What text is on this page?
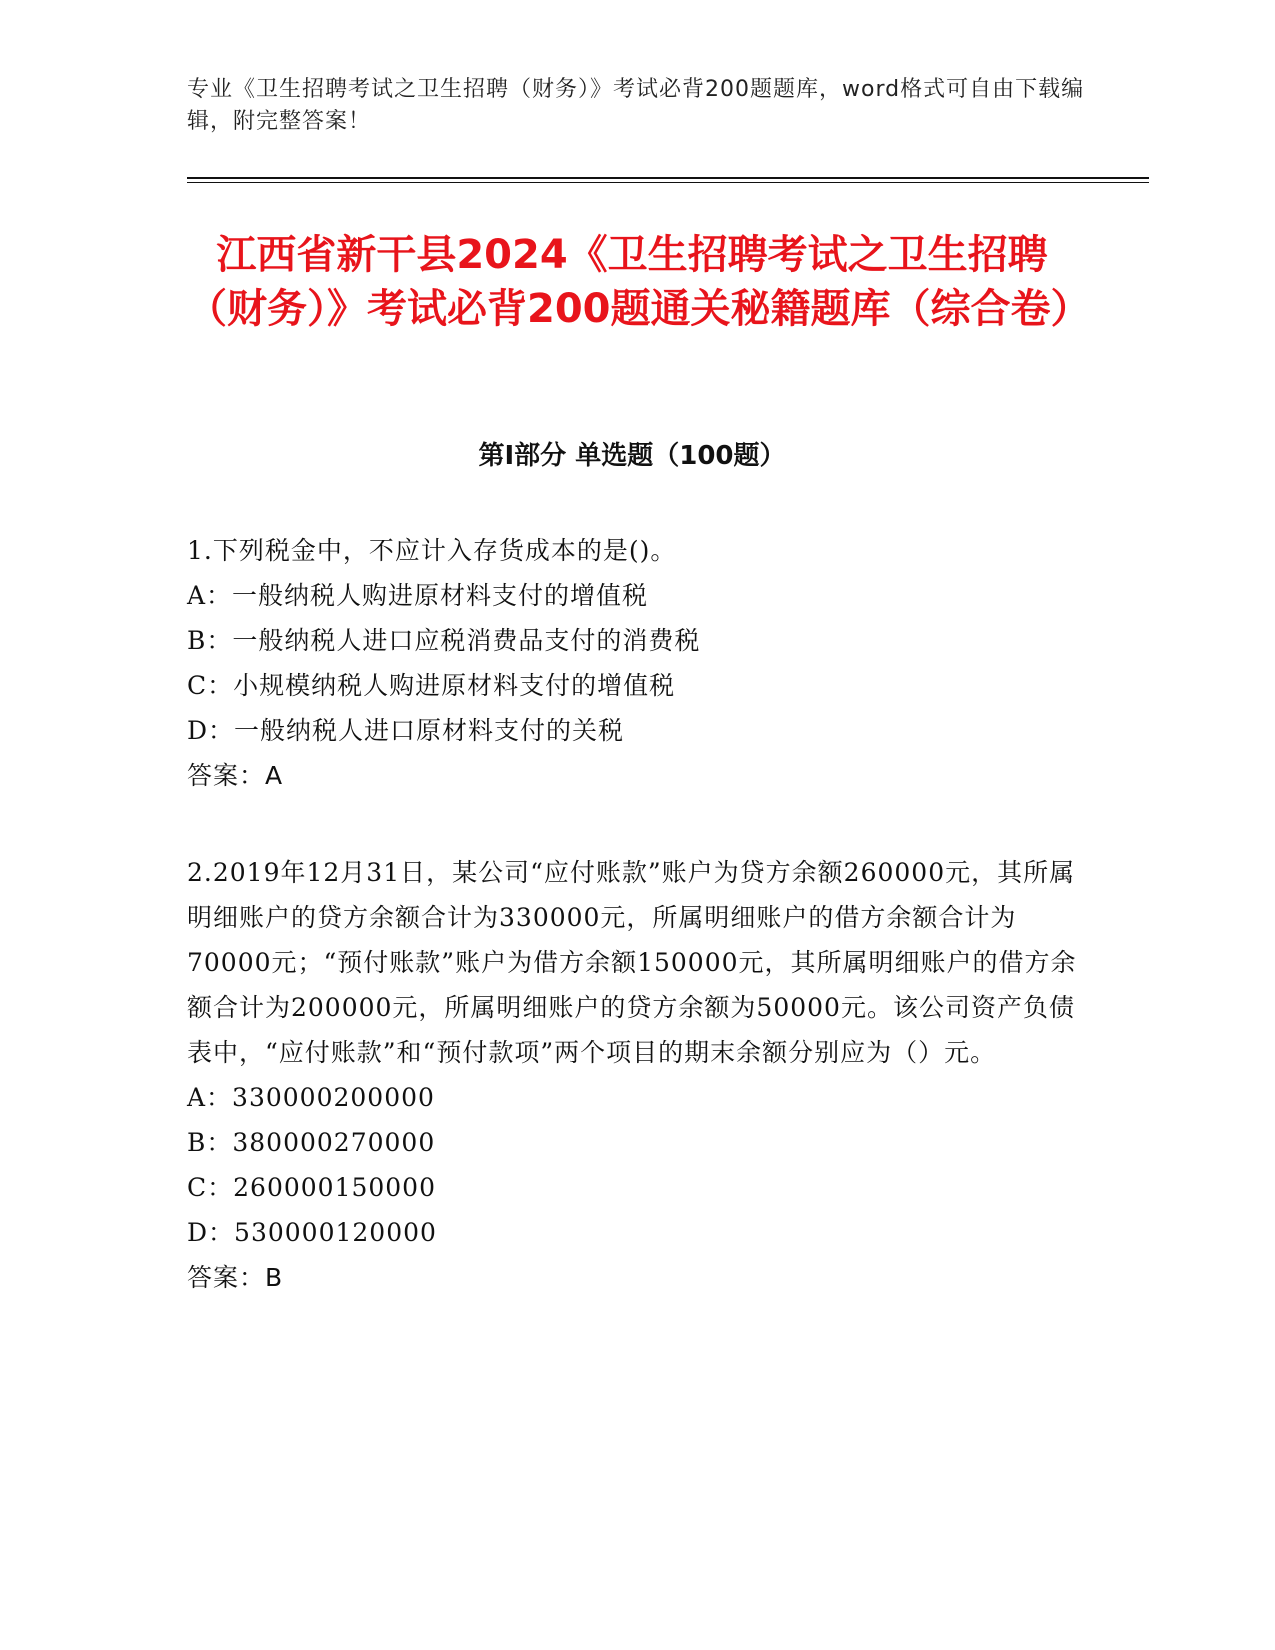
专业《卫生招聘考试之卫生招聘（财务）》考试必背200题题库，word格式可自由下载编辑，附完整答案！
江西省新干县2024《卫生招聘考试之卫生招聘（财务）》考试必背200题通关秘籍题库（综合卷）
第Ⅰ部分 单选题（100题）

1.下列税金中，不应计入存货成本的是()。

A：一般纳税人购进原材料支付的增值税

B：一般纳税人进口应税消费品支付的消费税

C：小规模纳税人购进原材料支付的增值税

D：一般纳税人进口原材料支付的关税

答案：A

2.2019年12月31日，某公司“应付账款”账户为贷方余额260000元，其所属明细账户的贷方余额合计为330000元，所属明细账户的借方余额合计为70000元；“预付账款”账户为借方余额150000元，其所属明细账户的借方余额合计为200000元，所属明细账户的贷方余额为50000元。该公司资产负债表中，“应付账款”和“预付款项”两个项目的期末余额分别应为（）元。

A：330000200000

B：380000270000

C：260000150000

D：530000120000

答案：B
